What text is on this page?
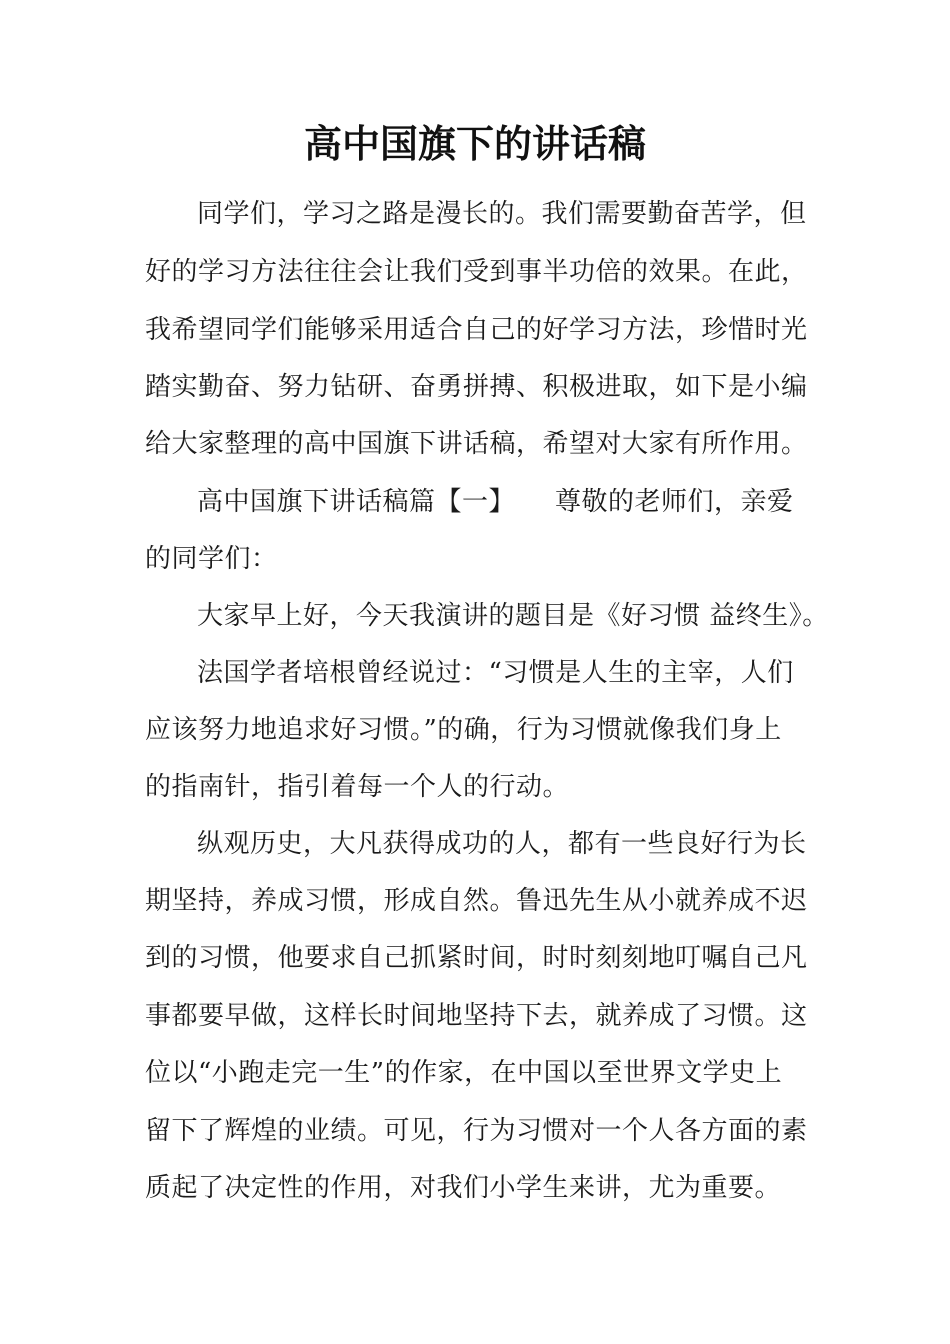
高中国旗下的讲话稿

同学们，学习之路是漫长的。我们需要勤奋苦学，但

好的学习方法往往会让我们受到事半功倍的效果。在此，

我希望同学们能够采用适合自己的好学习方法，珍惜时光

踏实勤奋、努力钻研、奋勇拼搏、积极进取，如下是小编

给大家整理的高中国旗下讲话稿，希望对大家有所作用。

高中国旗下讲话稿篇【一】　　尊敬的老师们，亲爱

的同学们：

大家早上好，今天我演讲的题目是《好习惯 益终生》。

法国学者培根曾经说过：“习惯是人生的主宰，人们

应该努力地追求好习惯。”的确，行为习惯就像我们身上

的指南针，指引着每一个人的行动。

纵观历史，大凡获得成功的人，都有一些良好行为长

期坚持，养成习惯，形成自然。鲁迅先生从小就养成不迟

到的习惯，他要求自己抓紧时间，时时刻刻地叮嘱自己凡

事都要早做，这样长时间地坚持下去，就养成了习惯。这

位以“小跑走完一生”的作家，在中国以至世界文学史上

留下了辉煌的业绩。可见，行为习惯对一个人各方面的素

质起了决定性的作用，对我们小学生来讲，尤为重要。
